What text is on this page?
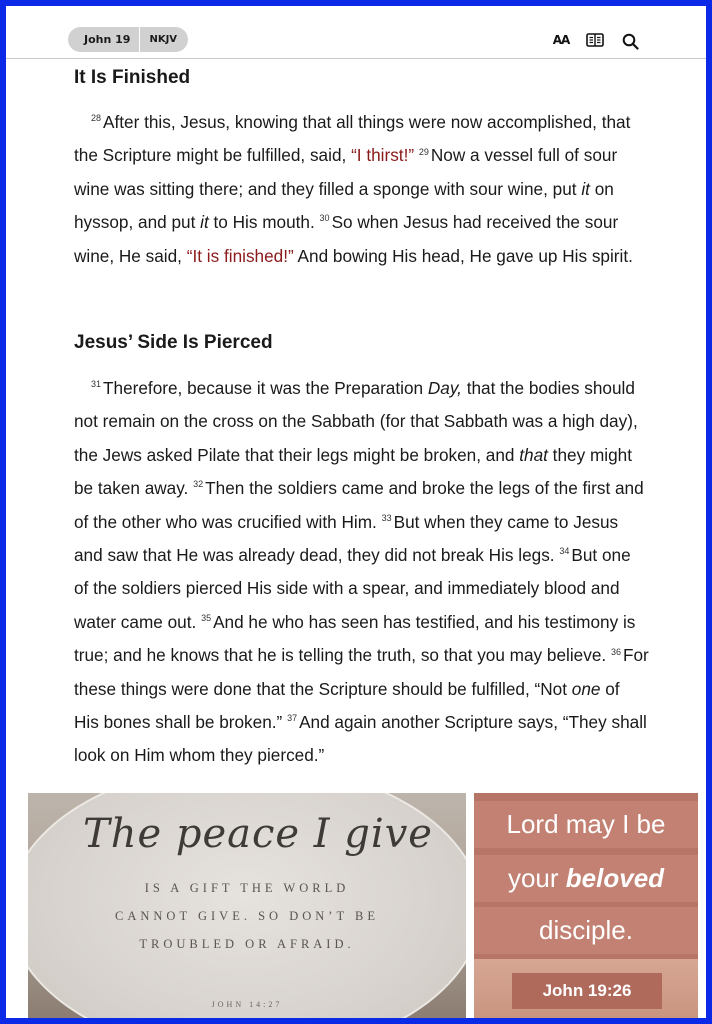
John 19	NKJV	AA
It Is Finished

$^{28}$ After this, Jesus, knowing that all things were now accomplished, that the Scripture might be fulfilled, said, “I thirst!” $^{29}$ Now a vessel full of sour wine was sitting there; and they filled a sponge with sour wine, put it on hyssop, and put it to His mouth. $^{30}$ So when Jesus had received the sour wine, He said, “It is finished!” And bowing His head, He gave up His spirit.

Jesus’ Side Is Pierced

$^{31}$ Therefore, because it was the Preparation Day, that the bodies should not remain on the cross on the Sabbath (for that Sabbath was a high day), the Jews asked Pilate that their legs might be broken, and that they might be taken away. $^{32}$ Then the soldiers came and broke the legs of the first and of the other who was crucified with Him. $^{33}$ But when they came to Jesus and saw that He was already dead, they did not break His legs. $^{34}$ But one of the soldiers pierced His side with a spear, and immediately blood and water came out. $^{35}$ And he who has seen has testified, and his testimony is true; and he knows that he is telling the truth, so that you may believe. $^{36}$ For these things were done that the Scripture should be fulfilled, “Not one of His bones shall be broken.” $^{37}$ And again another Scripture says, “They shall look on Him whom they pierced.”

The peace I give
IS A GIFT THE WORLD
CANNOT GIVE. SO DON’T BE
TROUBLED OR AFRAID.
JOHN 14:27
Lord may I be
your beloved
disciple.
John 19:26
